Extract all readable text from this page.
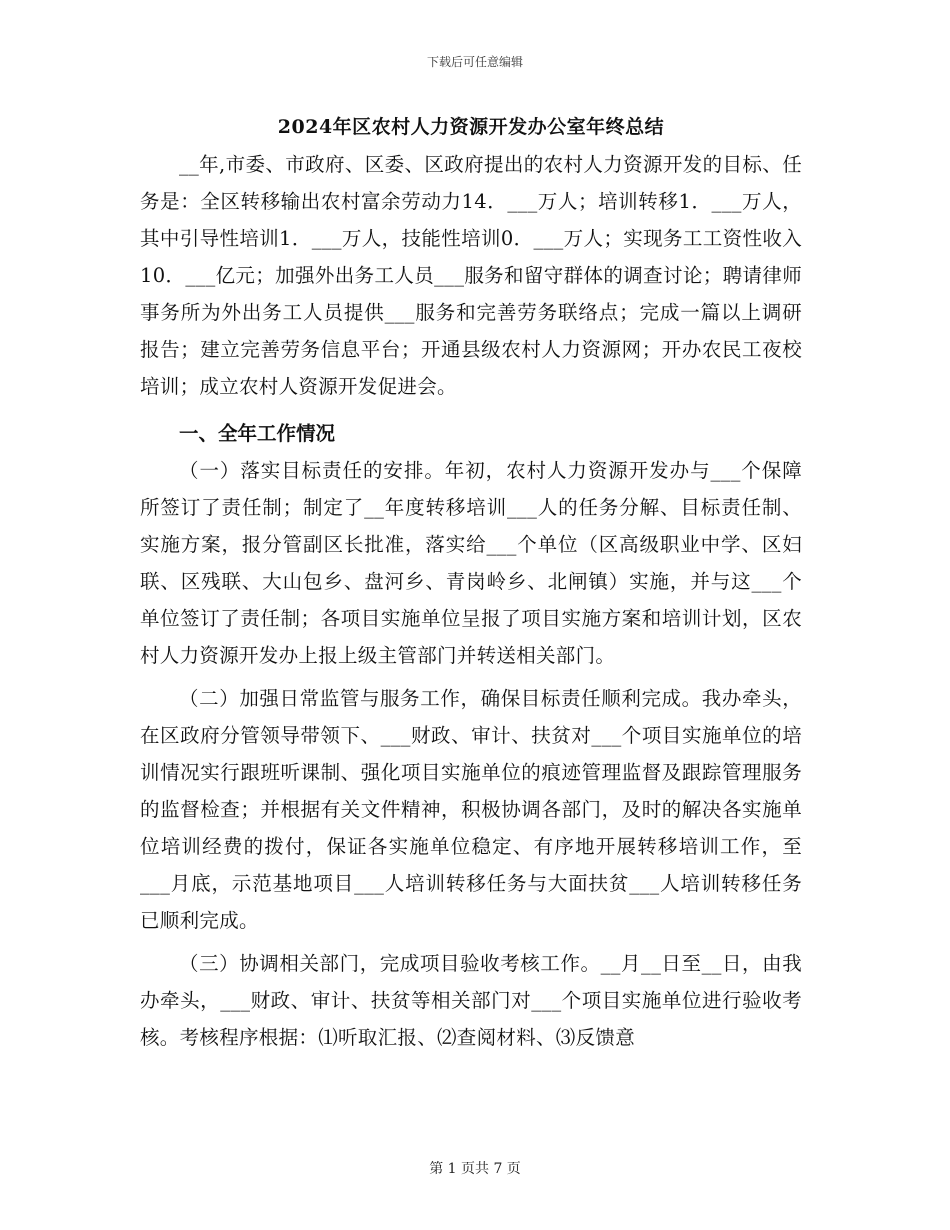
下载后可任意编辑
2024年区农村人力资源开发办公室年终总结

__年,市委、市政府、区委、区政府提出的农村人力资源开发的目标、任务是：全区转移输出农村富余劳动力14．___万人；培训转移1．___万人，其中引导性培训1．___万人，技能性培训0．___万人；实现务工工资性收入10．___亿元；加强外出务工人员___服务和留守群体的调查讨论；聘请律师事务所为外出务工人员提供___服务和完善劳务联络点；完成一篇以上调研报告；建立完善劳务信息平台；开通县级农村人力资源网；开办农民工夜校培训；成立农村人资源开发促进会。

一、全年工作情况

（一）落实目标责任的安排。年初，农村人力资源开发办与___个保障所签订了责任制；制定了__年度转移培训___人的任务分解、目标责任制、实施方案，报分管副区长批准，落实给___个单位（区高级职业中学、区妇联、区残联、大山包乡、盘河乡、青岗岭乡、北闸镇）实施，并与这___个单位签订了责任制；各项目实施单位呈报了项目实施方案和培训计划，区农村人力资源开发办上报上级主管部门并转送相关部门。

（二）加强日常监管与服务工作，确保目标责任顺利完成。我办牵头，在区政府分管领导带领下、___财政、审计、扶贫对___个项目实施单位的培训情况实行跟班听课制、强化项目实施单位的痕迹管理监督及跟踪管理服务的监督检查；并根据有关文件精神，积极协调各部门，及时的解决各实施单位培训经费的拨付，保证各实施单位稳定、有序地开展转移培训工作，至___月底，示范基地项目___人培训转移任务与大面扶贫___人培训转移任务已顺利完成。

（三）协调相关部门，完成项目验收考核工作。__月__日至__日，由我办牵头，___财政、审计、扶贫等相关部门对___个项目实施单位进行验收考核。考核程序根据：⑴听取汇报、⑵查阅材料、⑶反馈意

第 1 页共 7 页
